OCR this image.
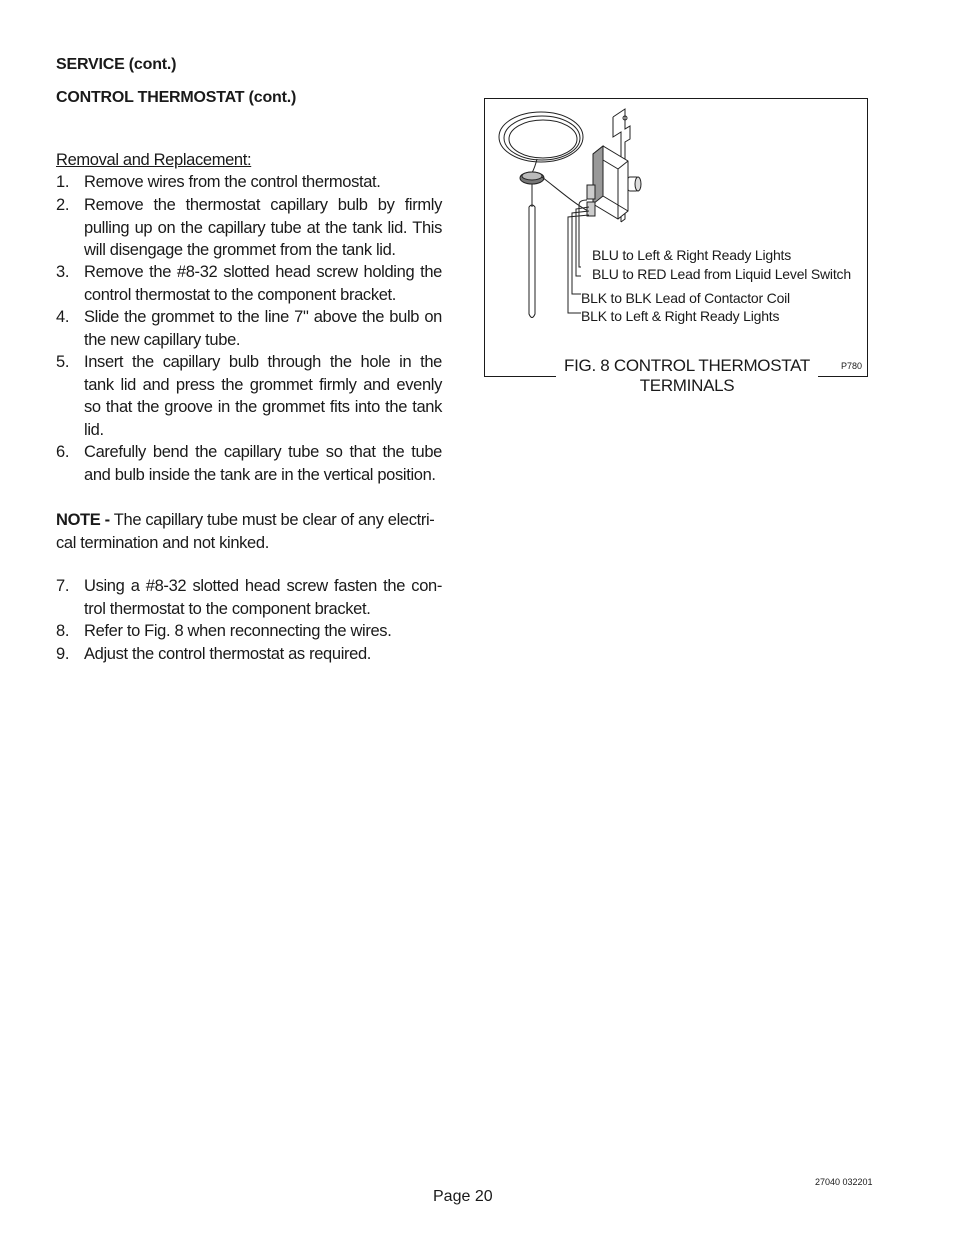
SERVICE (cont.)
CONTROL THERMOSTAT (cont.)
Removal and Replacement:
1. Remove wires from the control thermostat.
2. Remove the thermostat capillary bulb by firmly
pulling up on the capillary tube at the tank lid. This
will disengage the grommet from the tank lid.
3. Remove the #8-32 slotted head screw holding the
control thermostat to the component bracket.
4. Slide the grommet to the line 7" above the bulb on
the new capillary tube.
5. Insert the capillary bulb through the hole in the
tank lid and press the grommet firmly and evenly
so that the groove in the grommet fits into the tank
lid.
6. Carefully bend the capillary tube so that the tube
and bulb inside the tank are in the vertical position.
NOTE - The capillary tube must be clear of any electri-
cal termination and not kinked.
7. Using a #8-32 slotted head screw fasten the con-
trol thermostat to the component bracket.
8. Refer to Fig. 8 when reconnecting the wires.
9. Adjust the control thermostat as required.
BLU to Left & Right Ready Lights
BLU to RED Lead from Liquid Level Switch
BLK to BLK Lead of Contactor Coil
BLK to Left & Right Ready Lights
P780
FIG. 8 CONTROL THERMOSTAT
TERMINALS
Page 20
27040 032201
